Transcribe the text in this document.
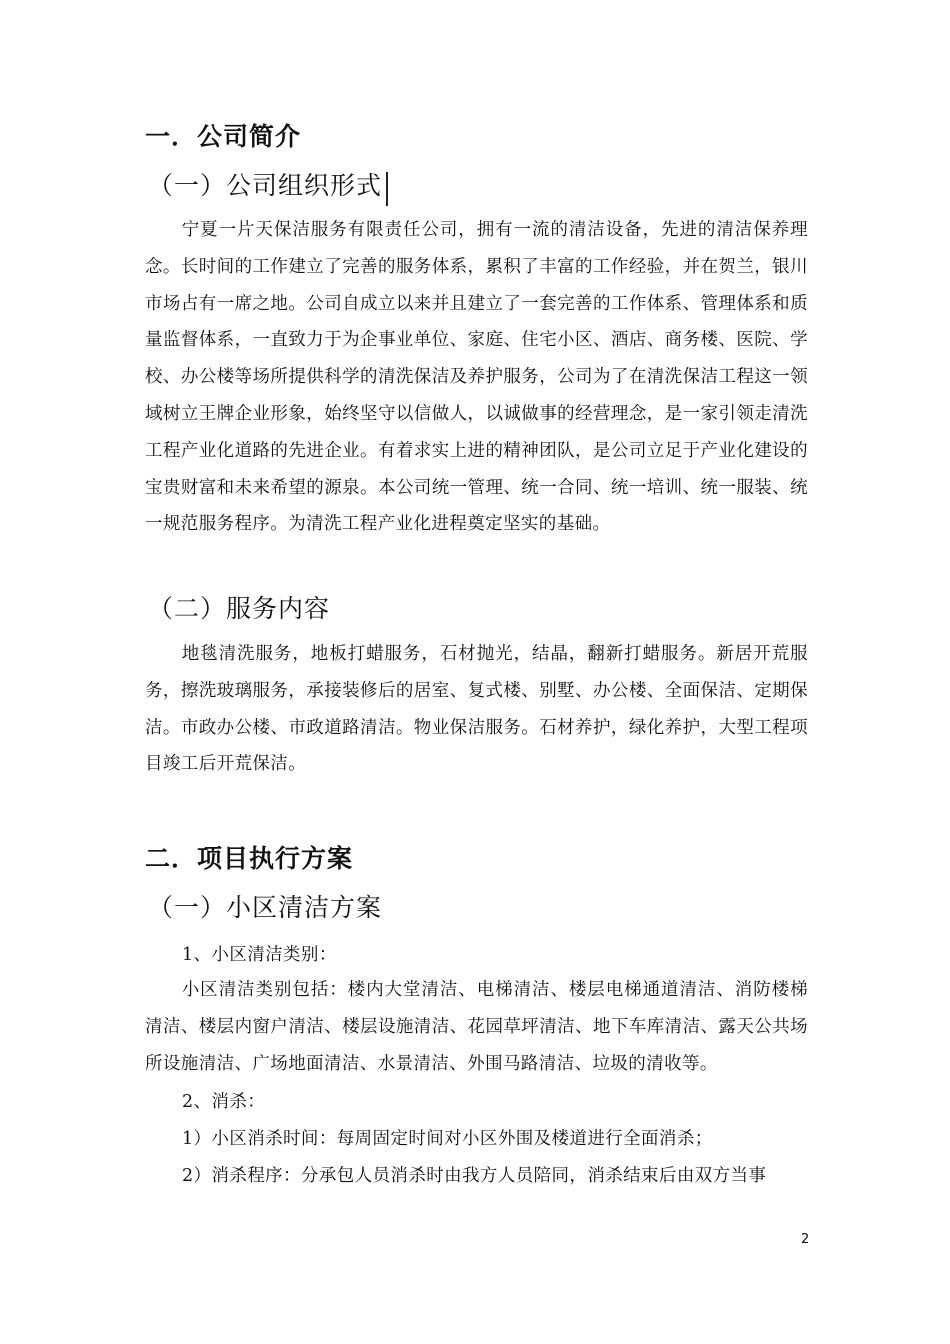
一．公司简介
（一）公司组织形式
宁夏一片天保洁服务有限责任公司，拥有一流的清洁设备，先进的清洁保养理念。长时间的工作建立了完善的服务体系，累积了丰富的工作经验，并在贺兰，银川市场占有一席之地。公司自成立以来并且建立了一套完善的工作体系、管理体系和质量监督体系，一直致力于为企事业单位、家庭、住宅小区、酒店、商务楼、医院、学校、办公楼等场所提供科学的清洗保洁及养护服务，公司为了在清洗保洁工程这一领域树立王牌企业形象，始终坚守以信做人，以诚做事的经营理念，是一家引领走清洗工程产业化道路的先进企业。有着求实上进的精神团队，是公司立足于产业化建设的宝贵财富和未来希望的源泉。本公司统一管理、统一合同、统一培训、统一服装、统一规范服务程序。为清洗工程产业化进程奠定坚实的基础。
（二）服务内容
地毯清洗服务，地板打蜡服务，石材抛光，结晶，翻新打蜡服务。新居开荒服务，擦洗玻璃服务，承接装修后的居室、复式楼、别墅、办公楼、全面保洁、定期保洁。市政办公楼、市政道路清洁。物业保洁服务。石材养护，绿化养护，大型工程项目竣工后开荒保洁。
二．项目执行方案
（一）小区清洁方案
1、小区清洁类别：
小区清洁类别包括：楼内大堂清洁、电梯清洁、楼层电梯通道清洁、消防楼梯清洁、楼层内窗户清洁、楼层设施清洁、花园草坪清洁、地下车库清洁、露天公共场所设施清洁、广场地面清洁、水景清洁、外围马路清洁、垃圾的清收等。
2、消杀：
1）小区消杀时间：每周固定时间对小区外围及楼道进行全面消杀；
2）消杀程序：分承包人员消杀时由我方人员陪同，消杀结束后由双方当事
2
